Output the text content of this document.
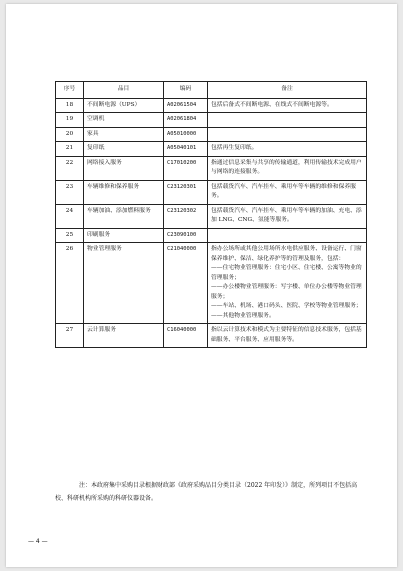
序号	品目	编码	备注
18	不间断电源（UPS）	A02061504	包括后备式不间断电源、在线式不间断电源等。

19	空调机	A02061804	

20	家具	A05010000	

21	复印纸	A05040101	包括再生复印纸。

22	网络接入服务	C17010200	指通过信息采集与共享的传输通道，利用传输技术完成用户与网络的连接服务。

23	车辆维修和保养服务	C23120301	包括载货汽车、汽车挂车、乘用车等车辆的维修和保养服务。

24	车辆加油、添加燃料服务	C23120302	包括载货汽车、汽车挂车、乘用车等车辆的加油、充电、添加 LNG、CNG、氢能等服务。

25	印刷服务	C23090100	

26	物业管理服务	C21040000	指办公场所或其他公用场所水电供应服务、设备运行、门窗保养维护、保洁、绿化养护等的管理及服务，包括：
——住宅物业管理服务：住宅小区、住宅楼、公寓等物业的管理服务；
——办公楼物业管理服务：写字楼、单位办公楼等物业管理服务；
——车站、机场、港口码头、医院、学校等物业管理服务；
——其他物业管理服务。

27	云计算服务	C16040000	指以云计算技术和模式为主要特征的信息技术服务，包括基础服务、平台服务、应用服务等。
注：本政府集中采购目录根据财政部《政府采购品目分类目录（2022 年印发）》制定，所列项目不包括高校、科研机构所采购的科研仪器设备。
— 4 —
